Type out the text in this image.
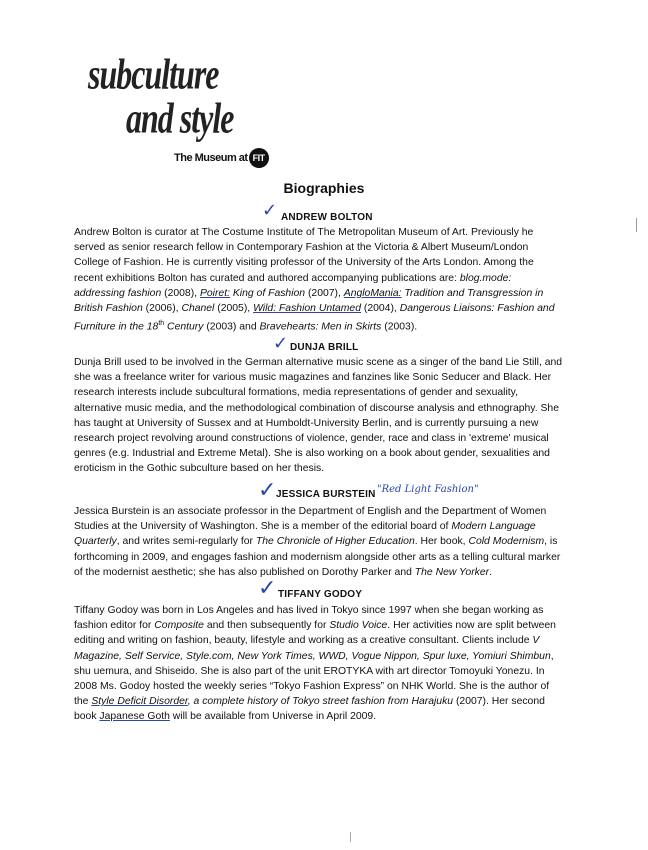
subculture
and style
The Museum at FIT
Biographies
✓ ANDREW BOLTON

Andrew Bolton is curator at The Costume Institute of The Metropolitan Museum of Art. Previously he served as senior research fellow in Contemporary Fashion at the Victoria & Albert Museum/London College of Fashion. He is currently visiting professor of the University of the Arts London. Among the recent exhibitions Bolton has curated and authored accompanying publications are: blog.mode: addressing fashion (2008), Poiret: King of Fashion (2007), AngloMania: Tradition and Transgression in British Fashion (2006), Chanel (2005), Wild: Fashion Untamed (2004), Dangerous Liaisons: Fashion and Furniture in the 18th Century (2003) and Bravehearts: Men in Skirts (2003).

✓ DUNJA BRILL

Dunja Brill used to be involved in the German alternative music scene as a singer of the band Lie Still, and she was a freelance writer for various music magazines and fanzines like Sonic Seducer and Black. Her research interests include subcultural formations, media representations of gender and sexuality, alternative music media, and the methodological combination of discourse analysis and ethnography. She has taught at University of Sussex and at Humboldt-University Berlin, and is currently pursuing a new research project revolving around constructions of violence, gender, race and class in 'extreme' musical genres (e.g. Industrial and Extreme Metal). She is also working on a book about gender, sexualities and eroticism in the Gothic subculture based on her thesis.

✓ JESSICA BURSTEIN "Red Light Fashion"

Jessica Burstein is an associate professor in the Department of English and the Department of Women Studies at the University of Washington. She is a member of the editorial board of Modern Language Quarterly, and writes semi-regularly for The Chronicle of Higher Education. Her book, Cold Modernism, is forthcoming in 2009, and engages fashion and modernism alongside other arts as a telling cultural marker of the modernist aesthetic; she has also published on Dorothy Parker and The New Yorker.

✓ TIFFANY GODOY

Tiffany Godoy was born in Los Angeles and has lived in Tokyo since 1997 when she began working as fashion editor for Composite and then subsequently for Studio Voice. Her activities now are split between editing and writing on fashion, beauty, lifestyle and working as a creative consultant. Clients include V Magazine, Self Service, Style.com, New York Times, WWD, Vogue Nippon, Spur luxe, Yomiuri Shimbun, shu uemura, and Shiseido. She is also part of the unit EROTYKA with art director Tomoyuki Yonezu. In 2008 Ms. Godoy hosted the weekly series “Tokyo Fashion Express” on NHK World. She is the author of the Style Deficit Disorder, a complete history of Tokyo street fashion from Harajuku (2007). Her second book Japanese Goth will be available from Universe in April 2009.
